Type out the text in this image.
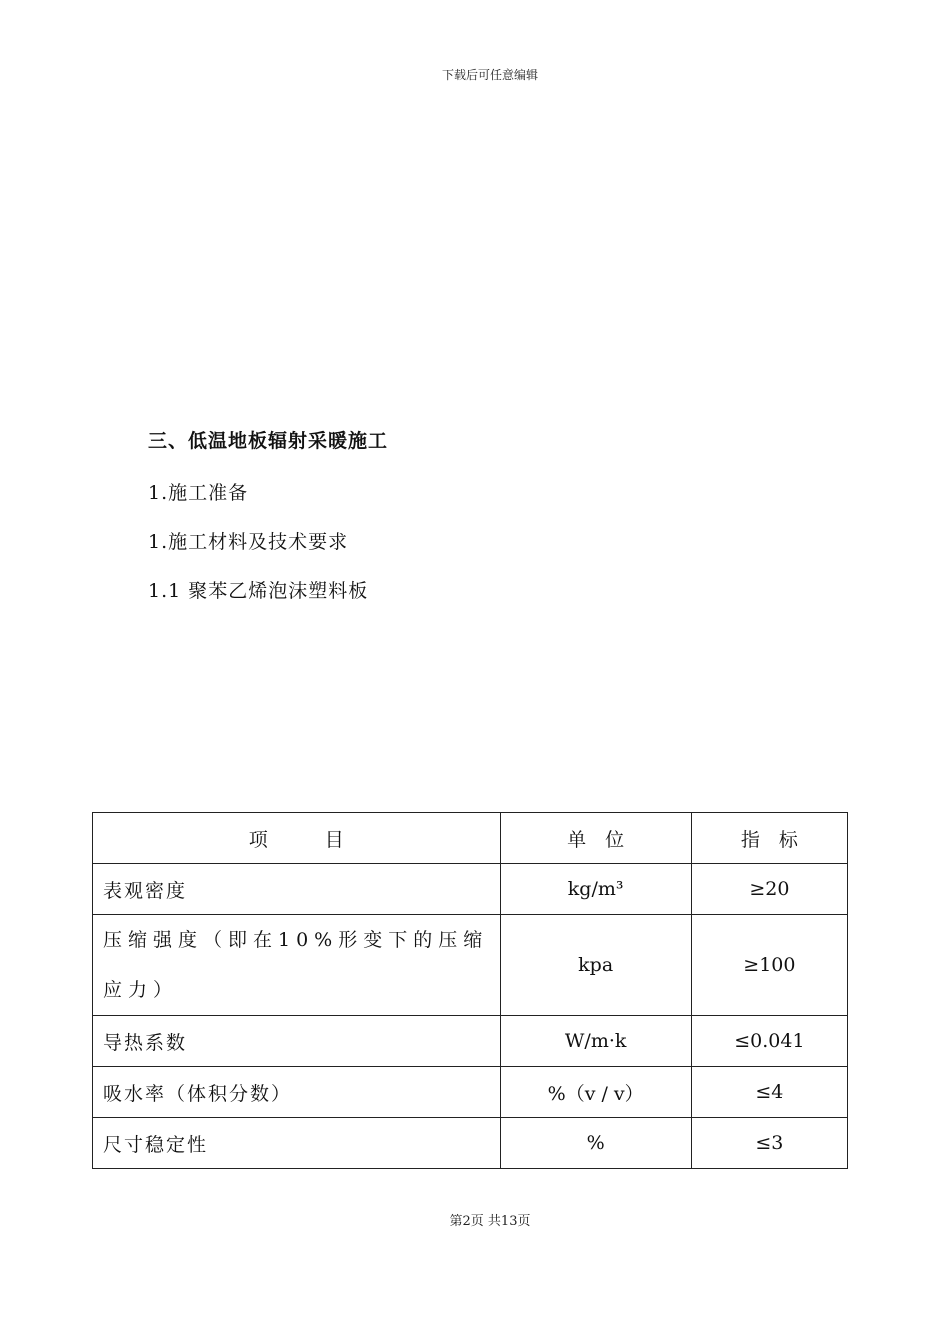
下载后可任意编辑
三、低温地板辐射采暖施工
1.施工准备
1.施工材料及技术要求
1.1 聚苯乙烯泡沫塑料板
项　　　目	单　位	指　标
表观密度	kg/m³	≥20
压缩强度（即在10%形变下的压缩应力）	kpa	≥100
导热系数	W/m·k	≤0.041
吸水率（体积分数）	%（v / v）	≤4
尺寸稳定性	%	≤3
第2页 共13页
